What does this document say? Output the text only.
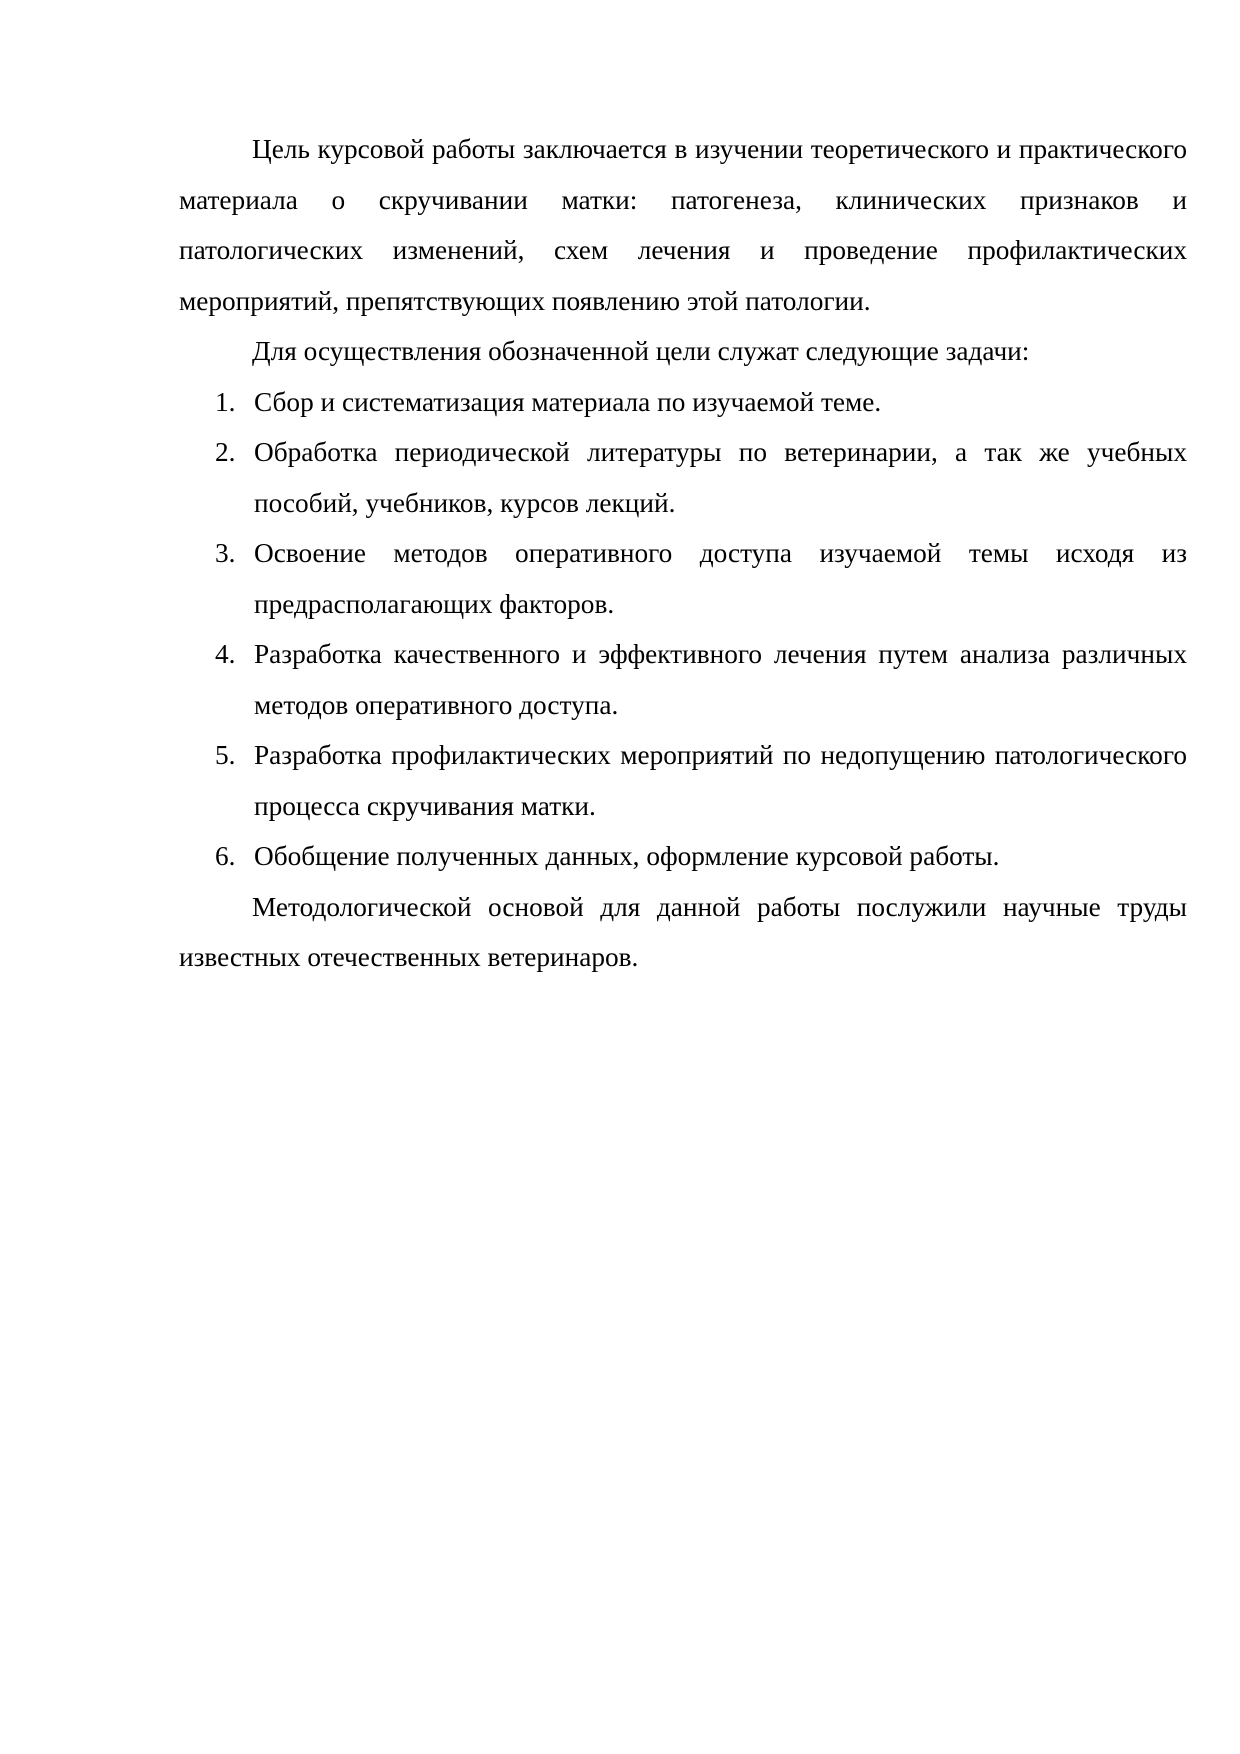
Цель курсовой работы заключается в изучении теоретического и практического материала о скручивании матки: патогенеза, клинических признаков и патологических изменений, схем лечения и проведение профилактических мероприятий, препятствующих появлению этой патологии.

Для осуществления обозначенной цели служат следующие задачи:

1. Сбор и систематизация материала по изучаемой теме.
2. Обработка периодической литературы по ветеринарии, а так же учебных пособий, учебников, курсов лекций.
3. Освоение методов оперативного доступа изучаемой темы исходя из предрасполагающих факторов.
4. Разработка качественного и эффективного лечения путем анализа различных методов оперативного доступа.
5. Разработка профилактических мероприятий по недопущению патологического процесса скручивания матки.
6. Обобщение полученных данных, оформление курсовой работы.

Методологической основой для данной работы послужили научные труды известных отечественных ветеринаров.
